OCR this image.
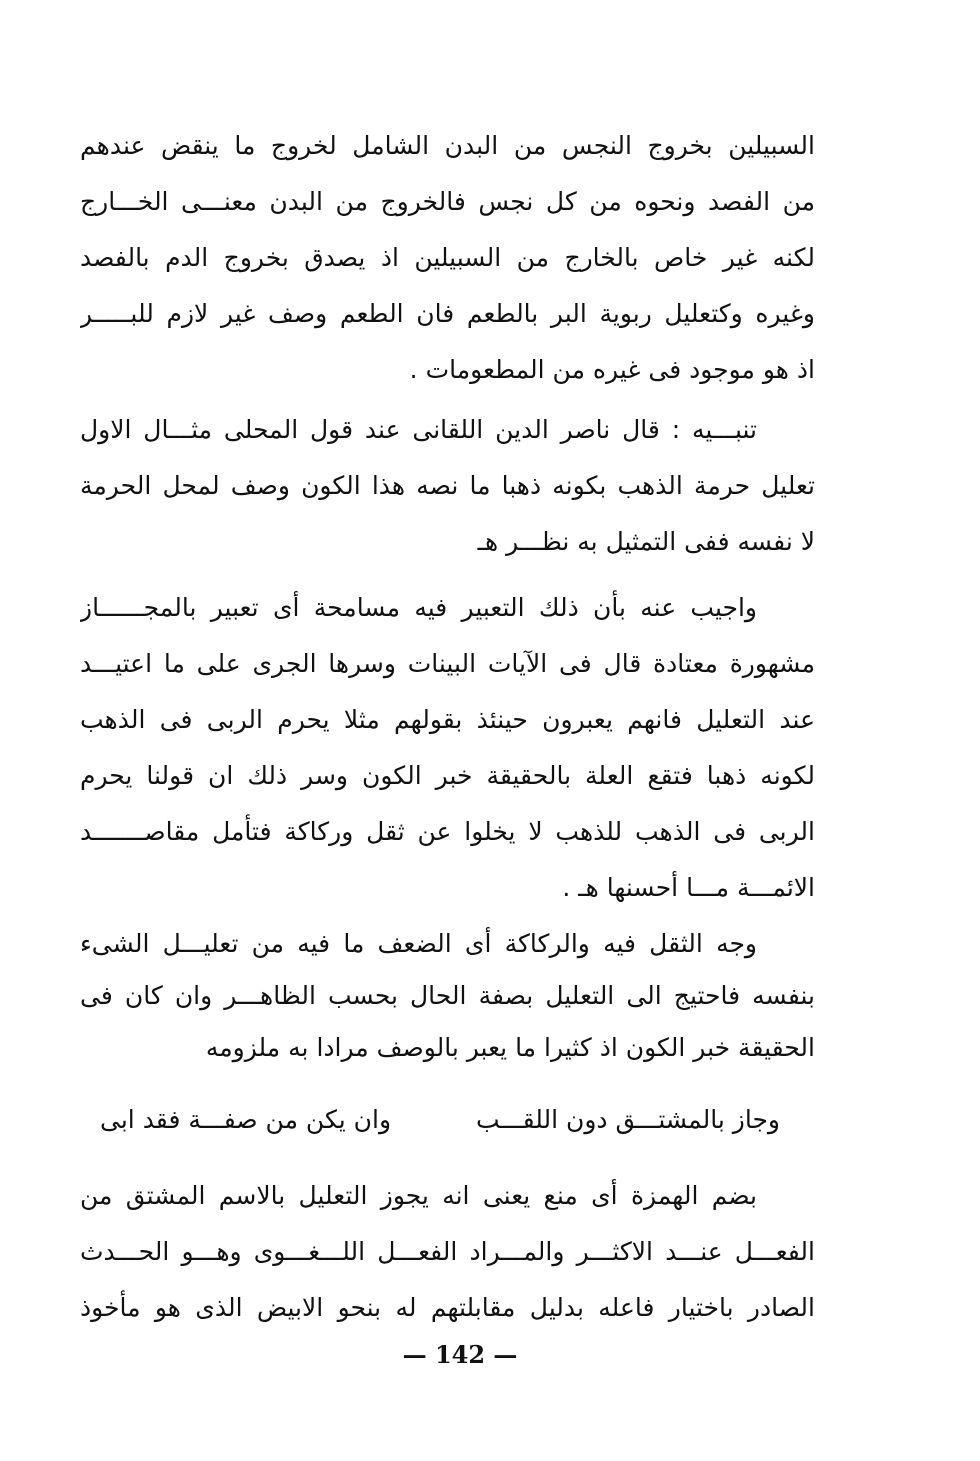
السبيلين بخروج النجس من البدن الشامل لخروج ما ينقض عندهم
من الفصد ونحوه من كل نجس فالخروج من البدن معنـــى الخـــارج
لكنه غير خاص بالخارج من السبيلين اذ يصدق بخروج الدم بالفصد
وغيره وكتعليل ربوية البر بالطعم فان الطعم وصف غير لازم للبـــــر
اذ هو موجود فى غيره من المطعومات .
تنبـــيه : قال ناصر الدين اللقانى عند قول المحلى مثـــال الاول
تعليل حرمة الذهب بكونه ذهبا ما نصه هذا الكون وصف لمحل الحرمة
لا نفسه ففى التمثيل به نظـــر هـ
واجيب عنه بأن ذلك التعبير فيه مسامحة أى تعبير بالمجــــــاز
مشهورة معتادة قال فى الآيات البينات وسرها الجرى على ما اعتيـــد
عند التعليل فانهم يعبرون حينئذ بقولهم مثلا يحرم الربى فى الذهب
لكونه ذهبا فتقع العلة بالحقيقة خبر الكون وسر ذلك ان قولنا يحرم
الربى فى الذهب للذهب لا يخلوا عن ثقل وركاكة فتأمل مقاصـــــــد
الائمـــة مـــا أحسنها هـ .
وجه الثقل فيه والركاكة أى الضعف ما فيه من تعليـــل الشىء
بنفسه فاحتيج الى التعليل بصفة الحال بحسب الظاهـــر وان كان فى
الحقيقة خبر الكون اذ كثيرا ما يعبر بالوصف مرادا به ملزومه
وجاز بالمشتـــق دون اللقـــب
وان يكن من صفـــة فقد ابى
بضم الهمزة أى منع يعنى انه يجوز التعليل بالاسم المشتق من
الفعـــل عنـــد الاكثـــر والمـــراد الفعـــل اللـــغـــوى وهـــو الحـــدث
الصادر باختيار فاعله بدليل مقابلتهم له بنحو الابيض الذى هو مأخوذ
— 142 —
